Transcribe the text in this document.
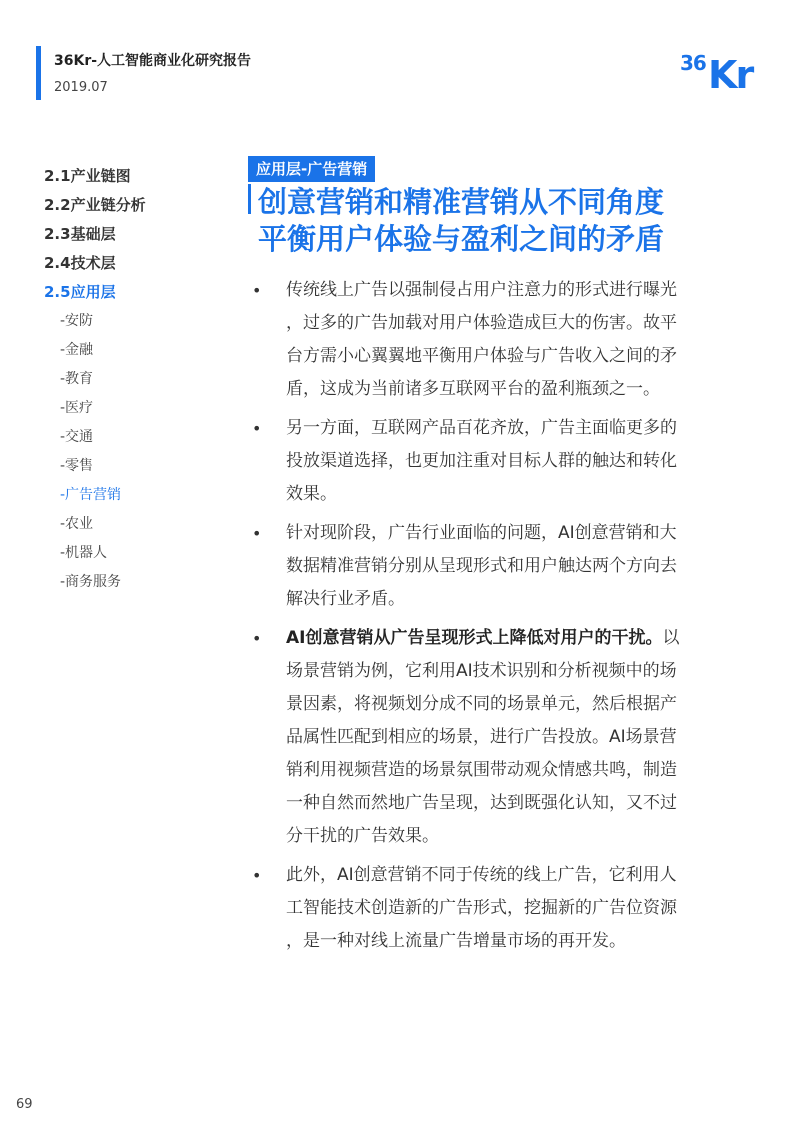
36Kr-人工智能商业化研究报告
2019.07
36 Kr
2.1产业链图
2.2产业链分析
2.3基础层
2.4技术层
2.5应用层
-安防
-金融
-教育
-医疗
-交通
-零售
-广告营销
-农业
-机器人
-商务服务
应用层-广告营销
创意营销和精准营销从不同角度
平衡用户体验与盈利之间的矛盾
• 传统线上广告以强制侵占用户注意力的形式进行曝光
，过多的广告加载对用户体验造成巨大的伤害。故平
台方需小心翼翼地平衡用户体验与广告收入之间的矛
盾，这成为当前诸多互联网平台的盈利瓶颈之一。
• 另一方面，互联网产品百花齐放，广告主面临更多的
投放渠道选择，也更加注重对目标人群的触达和转化
效果。
• 针对现阶段，广告行业面临的问题，AI创意营销和大
数据精准营销分别从呈现形式和用户触达两个方向去
解决行业矛盾。
• AI创意营销从广告呈现形式上降低对用户的干扰。以
场景营销为例，它利用AI技术识别和分析视频中的场
景因素，将视频划分成不同的场景单元，然后根据产
品属性匹配到相应的场景，进行广告投放。AI场景营
销利用视频营造的场景氛围带动观众情感共鸣，制造
一种自然而然地广告呈现，达到既强化认知，又不过
分干扰的广告效果。
• 此外，AI创意营销不同于传统的线上广告，它利用人
工智能技术创造新的广告形式，挖掘新的广告位资源
，是一种对线上流量广告增量市场的再开发。
69
